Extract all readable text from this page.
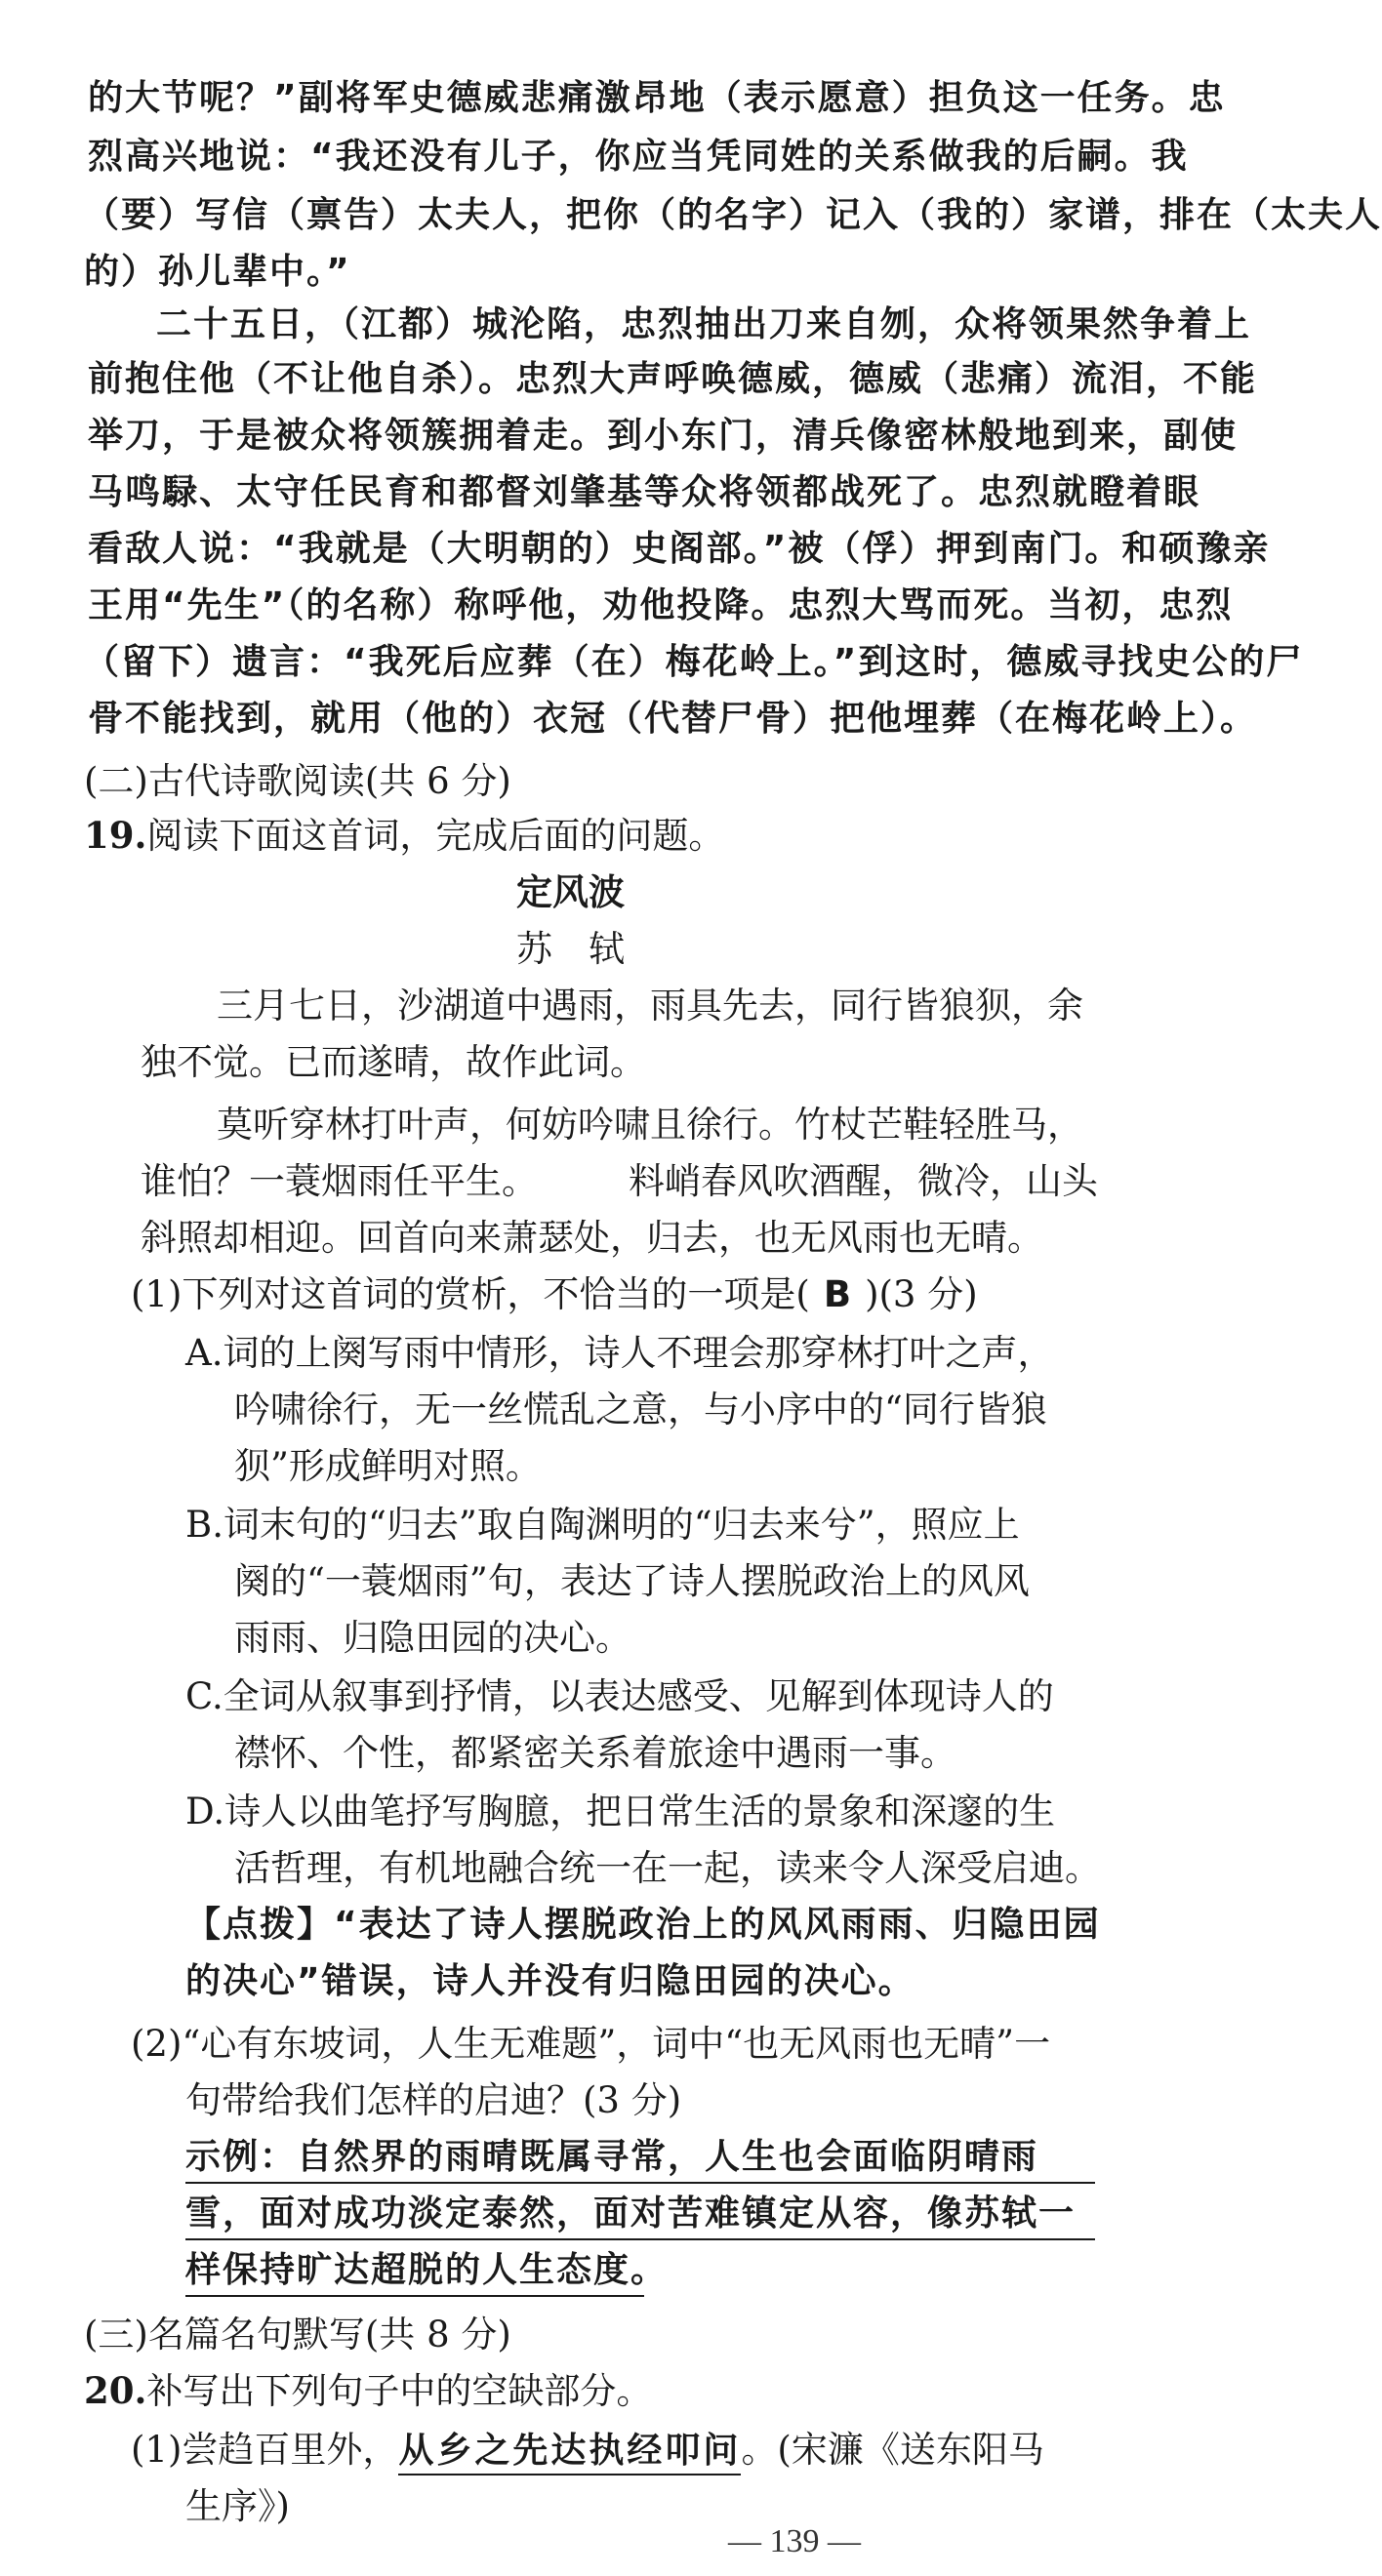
的大节呢？”副将军史德威悲痛激昂地（表示愿意）担负这一任务。忠
烈高兴地说：“我还没有儿子，你应当凭同姓的关系做我的后嗣。我
（要）写信（禀告）太夫人，把你（的名字）记入（我的）家谱，排在（太夫人
的）孙儿辈中。”
二十五日，（江都）城沦陷，忠烈抽出刀来自刎，众将领果然争着上
前抱住他（不让他自杀）。忠烈大声呼唤德威，德威（悲痛）流泪，不能
举刀，于是被众将领簇拥着走。到小东门，清兵像密林般地到来，副使
马鸣騄、太守任民育和都督刘肇基等众将领都战死了。忠烈就瞪着眼
看敌人说：“我就是（大明朝的）史阁部。”被（俘）押到南门。和硕豫亲
王用“先生”（的名称）称呼他，劝他投降。忠烈大骂而死。当初，忠烈
（留下）遗言：“我死后应葬（在）梅花岭上。”到这时，德威寻找史公的尸
骨不能找到，就用（他的）衣冠（代替尸骨）把他埋葬（在梅花岭上）。
(二)古代诗歌阅读(共 6 分)
19.阅读下面这首词，完成后面的问题。
定风波
苏　轼
三月七日，沙湖道中遇雨，雨具先去，同行皆狼狈，余
独不觉。已而遂晴，故作此词。
莫听穿林打叶声，何妨吟啸且徐行。竹杖芒鞋轻胜马，
谁怕？一蓑烟雨任平生。	料峭春风吹酒醒，微冷，山头
斜照却相迎。回首向来萧瑟处，归去，也无风雨也无晴。
(1)下列对这首词的赏析，不恰当的一项是( B )(3 分)
A.词的上阕写雨中情形，诗人不理会那穿林打叶之声，
吟啸徐行，无一丝慌乱之意，与小序中的“同行皆狼
狈”形成鲜明对照。
B.词末句的“归去”取自陶渊明的“归去来兮”，照应上
阕的“一蓑烟雨”句，表达了诗人摆脱政治上的风风
雨雨、归隐田园的决心。
C.全词从叙事到抒情，以表达感受、见解到体现诗人的
襟怀、个性，都紧密关系着旅途中遇雨一事。
D.诗人以曲笔抒写胸臆，把日常生活的景象和深邃的生
活哲理，有机地融合统一在一起，读来令人深受启迪。
【点拨】“表达了诗人摆脱政治上的风风雨雨、归隐田园
的决心”错误，诗人并没有归隐田园的决心。
(2)“心有东坡词，人生无难题”，词中“也无风雨也无晴”一
句带给我们怎样的启迪？(3 分)
示例：自然界的雨晴既属寻常，人生也会面临阴晴雨
雪，面对成功淡定泰然，面对苦难镇定从容，像苏轼一
样保持旷达超脱的人生态度。
(三)名篇名句默写(共 8 分)
20.补写出下列句子中的空缺部分。
(1)尝趋百里外，从乡之先达执经叩问。(宋濂《送东阳马
生序》)
— 139 —
